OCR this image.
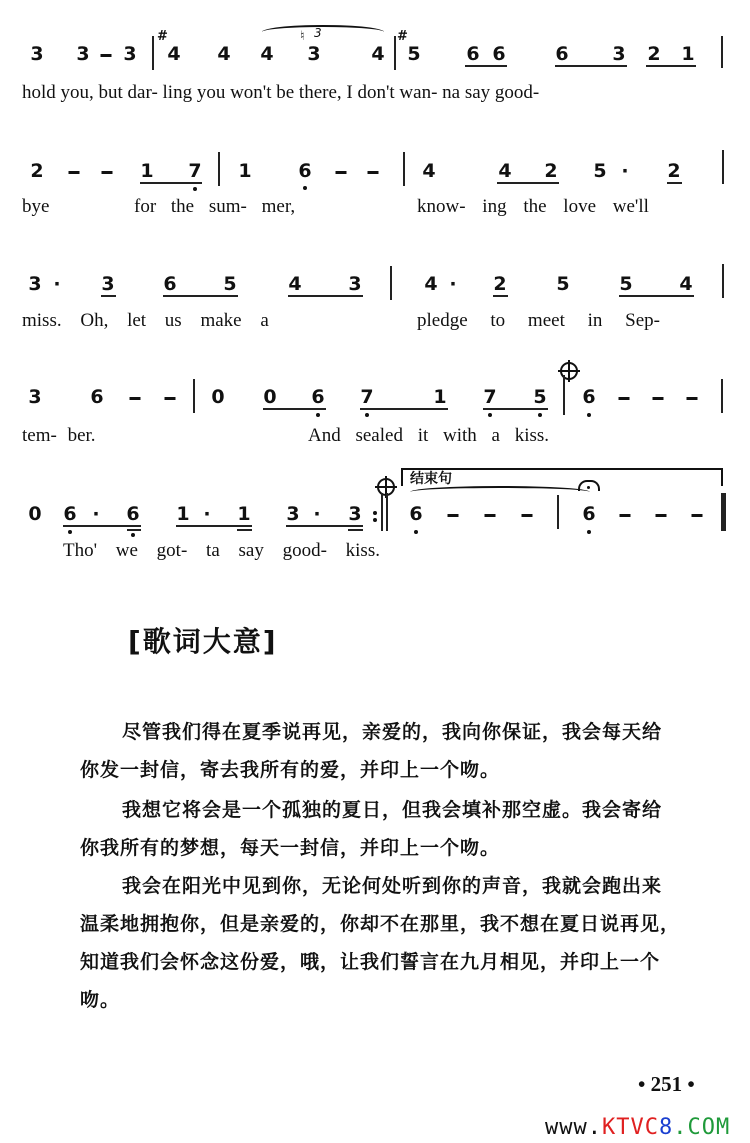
3 3 3
#
4 4 4
♮ 3
3	4
#
5 6 6	6 3 2 1
hold you, but dar- ling you won't be there, I don't wan- na say good-
2	1 7 1 6	4	4 2 5 · 2
bye	for the sum- mer,	know- ing the love we'll
3 · 3	6 5	4 3	4 · 2	5	5 4
miss. Oh, let us make a	pledge to meet in Sep-
3	6	0 0 6 7	1 7 5 6
tem- ber.	And sealed it with a kiss.
结束句
0 6 · 6 1 · 1 3 · 3	6	6
Tho' we got- ta say good- kiss.
[歌词大意]
尽管我们得在夏季说再见，亲爱的，我向你保证，我会每天给你发一封信，寄去我所有的爱，并印上一个吻。
我想它将会是一个孤独的夏日，但我会填补那空虚。我会寄给你我所有的梦想，每天一封信，并印上一个吻。
我会在阳光中见到你，无论何处听到你的声音，我就会跑出来温柔地拥抱你，但是亲爱的，你却不在那里，我不想在夏日说再见，知道我们会怀念这份爱，哦，让我们誓言在九月相见，并印上一个吻。
• 251 •
www.KTVC8.COM
